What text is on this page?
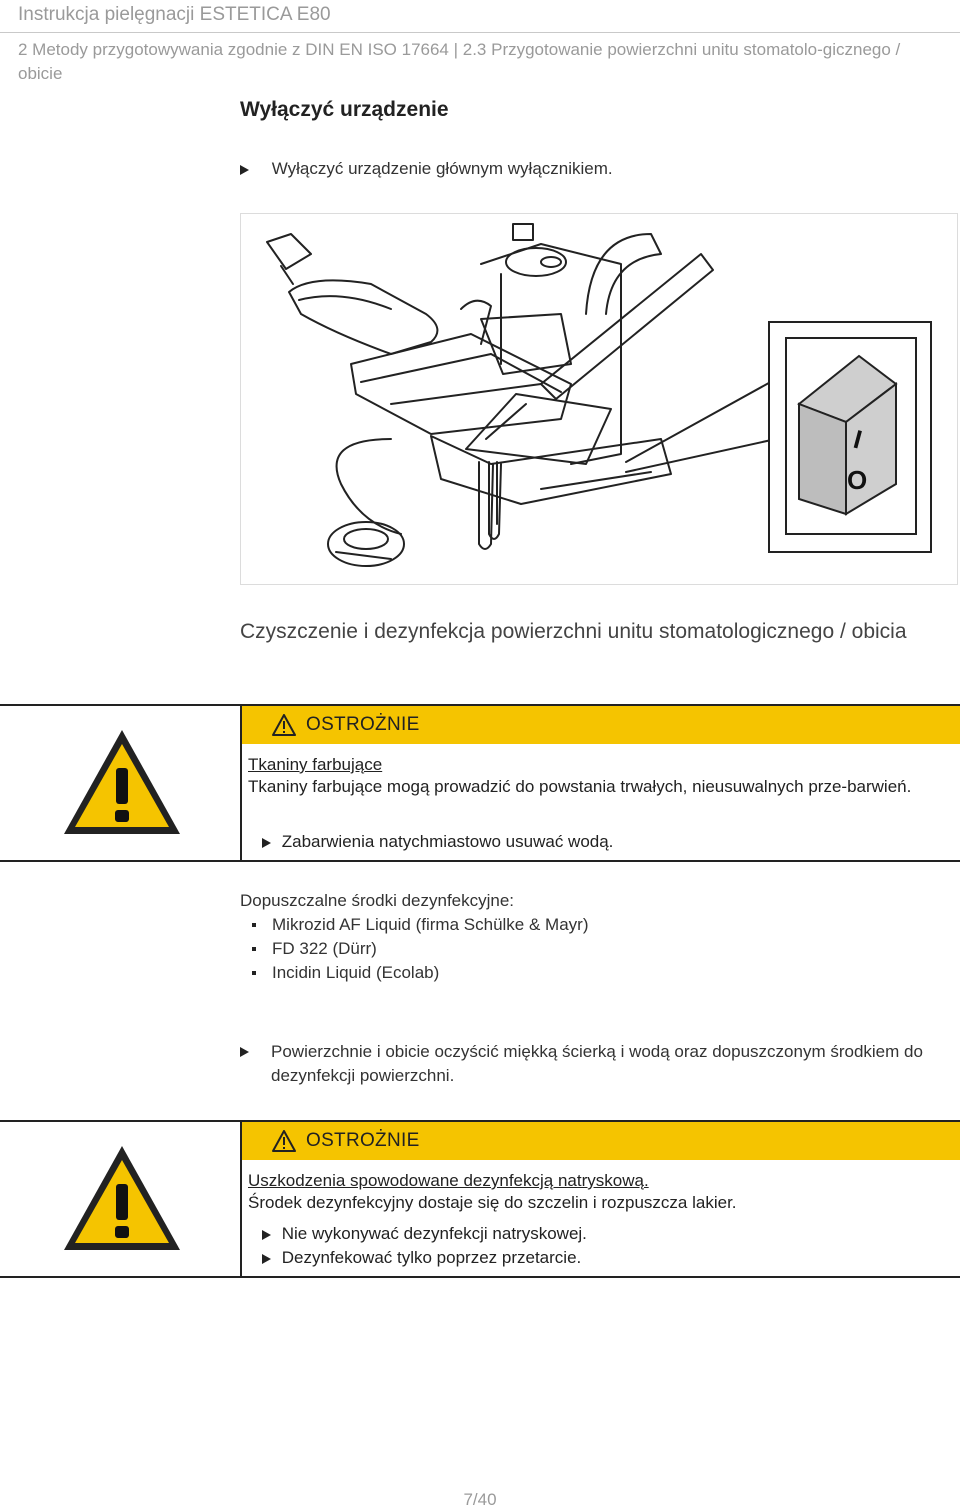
Instrukcja pielęgnacji ESTETICA E80
2 Metody przygotowywania zgodnie z DIN EN ISO 17664 | 2.3 Przygotowanie powierzchni unitu stomatolo-gicznego / obicie
Wyłączyć urządzenie
Wyłączyć urządzenie głównym wyłącznikiem.
I
O
Czyszczenie i dezynfekcja powierzchni unitu stomatologicznego / obicia
OSTROŻNIE
Tkaniny farbujące
Tkaniny farbujące mogą prowadzić do powstania trwałych, nieusuwalnych prze-barwień.
Zabarwienia natychmiastowo usuwać wodą.
Dopuszczalne środki dezynfekcyjne:
Mikrozid AF Liquid (firma Schülke & Mayr)
FD 322 (Dürr)
Incidin Liquid (Ecolab)
Powierzchnie i obicie oczyścić miękką ścierką i wodą oraz dopuszczonym środkiem do dezynfekcji powierzchni.
OSTROŻNIE
Uszkodzenia spowodowane dezynfekcją natryskową.
Środek dezynfekcyjny dostaje się do szczelin i rozpuszcza lakier.
Nie wykonywać dezynfekcji natryskowej.
Dezynfekować tylko poprzez przetarcie.
7/40
